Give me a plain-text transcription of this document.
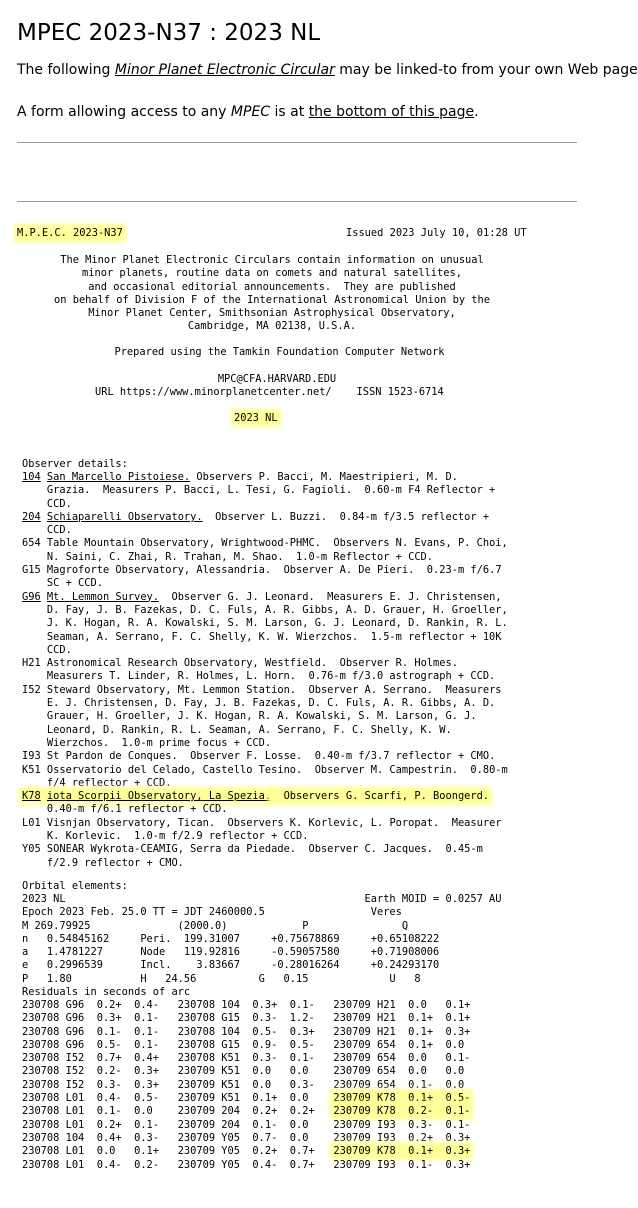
MPEC 2023-N37 : 2023 NL

The following Minor Planet Electronic Circular may be linked-to from your own Web page

A form allowing access to any MPEC is at the bottom of this page.

M.P.E.C. 2023-N37	Issued 2023 July 10, 01:28 UT
The Minor Planet Electronic Circulars contain information on unusual
minor planets, routine data on comets and natural satellites,
and occasional editorial announcements.  They are published
on behalf of Division F of the International Astronomical Union by the
Minor Planet Center, Smithsonian Astrophysical Observatory,
Cambridge, MA 02138, U.S.A.
Prepared using the Tamkin Foundation Computer Network
MPC@CFA.HARVARD.EDU
URL https://www.minorplanetcenter.net/    ISSN 1523-6714
2023 NL
Observer details:
104 San Marcello Pistoiese. Observers P. Bacci, M. Maestripieri, M. D.
Grazia.  Measurers P. Bacci, L. Tesi, G. Fagioli.  0.60-m F4 Reflector +
CCD.
204 Schiaparelli Observatory.  Observer L. Buzzi.  0.84-m f/3.5 reflector +
CCD.
654 Table Mountain Observatory, Wrightwood-PHMC.  Observers N. Evans, P. Choi,
N. Saini, C. Zhai, R. Trahan, M. Shao.  1.0-m Reflector + CCD.
G15 Magroforte Observatory, Alessandria.  Observer A. De Pieri.  0.23-m f/6.7
SC + CCD.
G96 Mt. Lemmon Survey.  Observer G. J. Leonard.  Measurers E. J. Christensen,
D. Fay, J. B. Fazekas, D. C. Fuls, A. R. Gibbs, A. D. Grauer, H. Groeller,
J. K. Hogan, R. A. Kowalski, S. M. Larson, G. J. Leonard, D. Rankin, R. L.
Seaman, A. Serrano, F. C. Shelly, K. W. Wierzchos.  1.5-m reflector + 10K
CCD.
H21 Astronomical Research Observatory, Westfield.  Observer R. Holmes.
Measurers T. Linder, R. Holmes, L. Horn.  0.76-m f/3.0 astrograph + CCD.
I52 Steward Observatory, Mt. Lemmon Station.  Observer A. Serrano.  Measurers
E. J. Christensen, D. Fay, J. B. Fazekas, D. C. Fuls, A. R. Gibbs, A. D.
Grauer, H. Groeller, J. K. Hogan, R. A. Kowalski, S. M. Larson, G. J.
Leonard, D. Rankin, R. L. Seaman, A. Serrano, F. C. Shelly, K. W.
Wierzchos.  1.0-m prime focus + CCD.
I93 St Pardon de Conques.  Observer F. Losse.  0.40-m f/3.7 reflector + CMO.
K51 Osservatorio del Celado, Castello Tesino.  Observer M. Campestrin.  0.80-m
f/4 reflector + CCD.
K78 iota Scorpii Observatory, La Spezia.  Observers G. Scarfi, P. Boongerd.
0.40-m f/6.1 reflector + CCD.
L01 Visnjan Observatory, Tican.  Observers K. Korlevic, L. Poropat.  Measurer
K. Korlevic.  1.0-m f/2.9 reflector + CCD.
Y05 SONEAR Wykrota-CEAMIG, Serra da Piedade.  Observer C. Jacques.  0.45-m
f/2.9 reflector + CMO.
Orbital elements:
2023 NL                                                Earth MOID = 0.0257 AU
Epoch 2023 Feb. 25.0 TT = JDT 2460000.5                 Veres
M 269.79925              (2000.0)            P               Q
n   0.54845162     Peri.  199.31007     +0.75678869     +0.65108222
a   1.4781227      Node   119.92816     -0.59057580     +0.71908006
e   0.2996539      Incl.    3.83667     -0.28016264     +0.24293170
P   1.80           H   24.56          G   0.15             U   8
Residuals in seconds of arc
230708 G96  0.2+  0.4- 230708 104  0.3+  0.1- 230709 H21  0.0   0.1+
230708 G96  0.3+  0.1- 230708 G15  0.3-  1.2- 230709 H21  0.1+  0.1+
230708 G96  0.1-  0.1- 230708 104  0.5-  0.3+ 230709 H21  0.1+  0.3+
230708 G96  0.5-  0.1- 230708 G15  0.9-  0.5- 230709 654  0.1+  0.0
230708 I52  0.7+  0.4+ 230708 K51  0.3-  0.1- 230709 654  0.0   0.1-
230708 I52  0.2-  0.3+ 230709 K51  0.0   0.0    230709 654  0.0   0.0
230708 I52  0.3-  0.3+ 230709 K51  0.0   0.3- 230709 654  0.1-  0.0
230708 L01  0.4-  0.5- 230709 K51  0.1+  0.0    230709 K78  0.1+  0.5-
230708 L01  0.1-  0.0    230709 204  0.2+  0.2+ 230709 K78  0.2-  0.1-
230708 L01  0.2+  0.1- 230709 204  0.1-  0.0    230709 I93  0.3-  0.1-
230708 104  0.4+  0.3- 230709 Y05  0.7-  0.0    230709 I93  0.2+  0.3+
230708 L01  0.0   0.1+ 230709 Y05  0.2+  0.7+ 230709 K78  0.1+  0.3+
230708 L01  0.4-  0.2- 230709 Y05  0.4-  0.7+ 230709 I93  0.1-  0.3+
